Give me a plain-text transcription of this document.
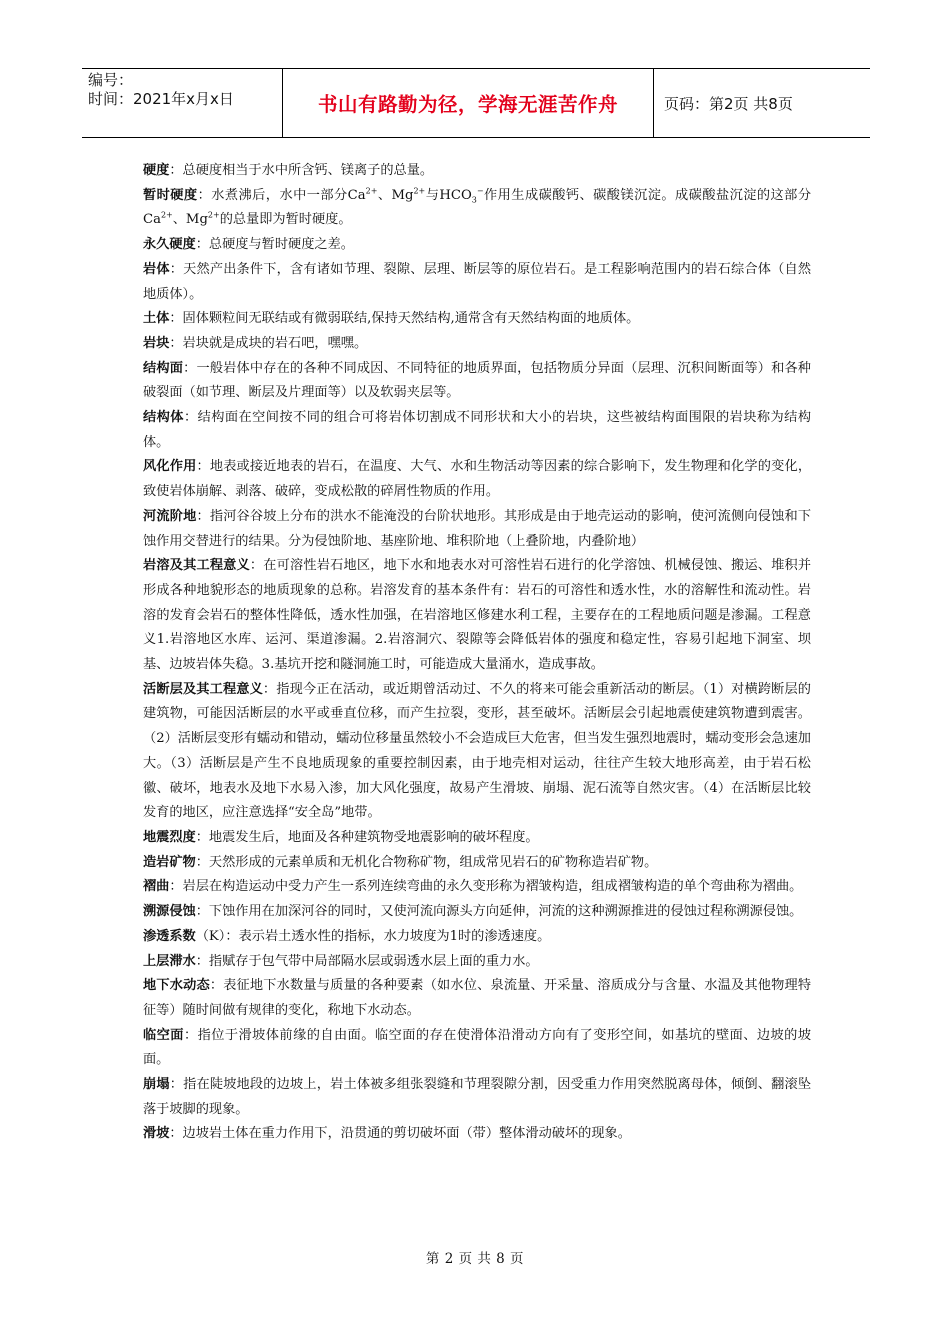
编号：
时间：2021年x月x日	书山有路勤为径，学海无涯苦作舟	页码：第2页 共8页

硬度：总硬度相当于水中所含钙、镁离子的总量。

暂时硬度：水煮沸后，水中一部分$Ca^{2+}$、$Mg^{2+}$与$HCO_3^-$作用生成碳酸钙、碳酸镁沉淀。成碳酸盐沉淀的这部分$Ca^{2+}$、$Mg^{2+}$的总量即为暂时硬度。

永久硬度：总硬度与暂时硬度之差。

岩体：天然产出条件下，含有诸如节理、裂隙、层理、断层等的原位岩石。是工程影响范围内的岩石综合体（自然地质体）。

土体：固体颗粒间无联结或有微弱联结,保持天然结构,通常含有天然结构面的地质体。

岩块：岩块就是成块的岩石吧，嘿嘿。

结构面：一般岩体中存在的各种不同成因、不同特征的地质界面，包括物质分异面（层理、沉积间断面等）和各种破裂面（如节理、断层及片理面等）以及软弱夹层等。

结构体：结构面在空间按不同的组合可将岩体切割成不同形状和大小的岩块，这些被结构面围限的岩块称为结构体。

风化作用：地表或接近地表的岩石，在温度、大气、水和生物活动等因素的综合影响下，发生物理和化学的变化，致使岩体崩解、剥落、破碎，变成松散的碎屑性物质的作用。

河流阶地：指河谷谷坡上分布的洪水不能淹没的台阶状地形。其形成是由于地壳运动的影响，使河流侧向侵蚀和下蚀作用交替进行的结果。分为侵蚀阶地、基座阶地、堆积阶地（上叠阶地，内叠阶地）

岩溶及其工程意义：在可溶性岩石地区，地下水和地表水对可溶性岩石进行的化学溶蚀、机械侵蚀、搬运、堆积并形成各种地貌形态的地质现象的总称。岩溶发育的基本条件有：岩石的可溶性和透水性，水的溶解性和流动性。岩溶的发育会岩石的整体性降低，透水性加强，在岩溶地区修建水利工程，主要存在的工程地质问题是渗漏。工程意义1.岩溶地区水库、运河、渠道渗漏。2.岩溶洞穴、裂隙等会降低岩体的强度和稳定性，容易引起地下洞室、坝基、边坡岩体失稳。3.基坑开挖和隧洞施工时，可能造成大量涌水，造成事故。

活断层及其工程意义：指现今正在活动，或近期曾活动过、不久的将来可能会重新活动的断层。（1）对横跨断层的建筑物，可能因活断层的水平或垂直位移，而产生拉裂，变形，甚至破坏。活断层会引起地震使建筑物遭到震害。（2）活断层变形有蠕动和错动，蠕动位移量虽然较小不会造成巨大危害，但当发生强烈地震时，蠕动变形会急速加大。（3）活断层是产生不良地质现象的重要控制因素，由于地壳相对运动，往往产生较大地形高差，由于岩石松徽、破坏，地表水及地下水易入渗，加大风化强度，故易产生滑坡、崩塌、泥石流等自然灾害。（4）在活断层比较发育的地区，应注意选择“安全岛”地带。

地震烈度：地震发生后，地面及各种建筑物受地震影响的破坏程度。

造岩矿物：天然形成的元素单质和无机化合物称矿物，组成常见岩石的矿物称造岩矿物。

褶曲：岩层在构造运动中受力产生一系列连续弯曲的永久变形称为褶皱构造，组成褶皱构造的单个弯曲称为褶曲。

溯源侵蚀：下蚀作用在加深河谷的同时，又使河流向源头方向延伸，河流的这种溯源推进的侵蚀过程称溯源侵蚀。

渗透系数（K）：表示岩土透水性的指标，水力坡度为1时的渗透速度。

上层滞水：指赋存于包气带中局部隔水层或弱透水层上面的重力水。

地下水动态：表征地下水数量与质量的各种要素（如水位、泉流量、开采量、溶质成分与含量、水温及其他物理特征等）随时间做有规律的变化，称地下水动态。

临空面：指位于滑坡体前缘的自由面。临空面的存在使滑体沿滑动方向有了变形空间，如基坑的壁面、边坡的坡面。

崩塌：指在陡坡地段的边坡上，岩土体被多组张裂缝和节理裂隙分割，因受重力作用突然脱离母体，倾倒、翻滚坠落于坡脚的现象。

滑坡：边坡岩土体在重力作用下，沿贯通的剪切破坏面（带）整体滑动破坏的现象。

第 2 页 共 8 页
